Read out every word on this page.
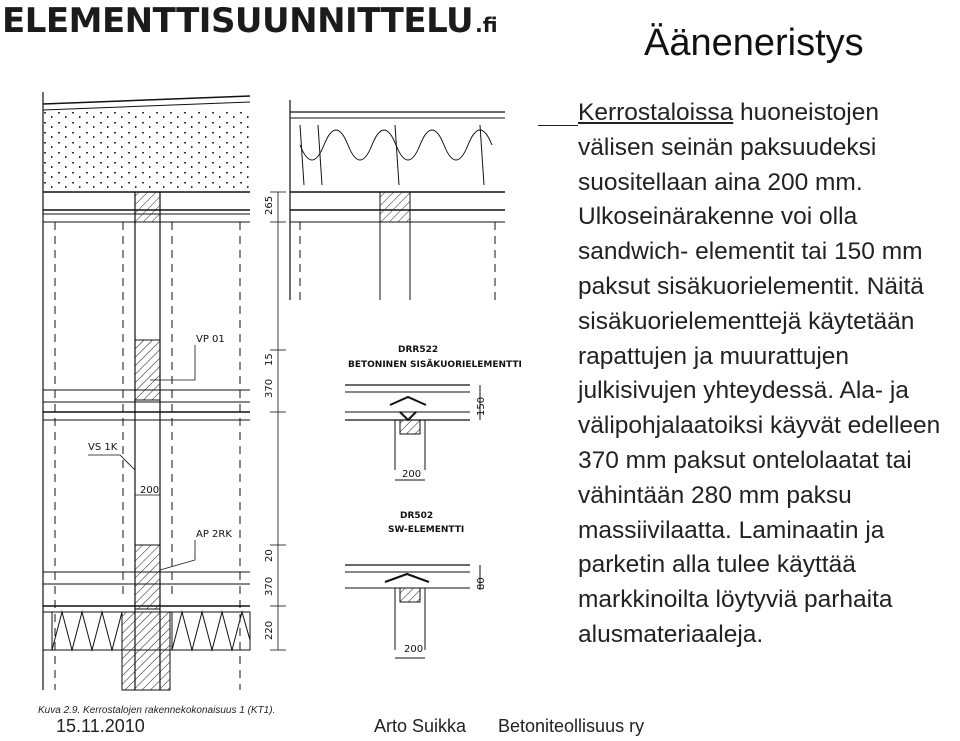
ELEMENTTISUUNNITTELU .fi	Ääneneristys
Kerrostaloissa huoneistojen välisen seinän paksuudeksi suositellaan aina 200 mm. Ulkoseinärakenne voi olla sandwich- elementit tai 150 mm paksut sisäkuorielementit. Näitä sisäkuorielementtejä käytetään rapattujen ja muurattujen julkisivujen yhteydessä. Ala- ja välipohjalaatoiksi käyvät edelleen 370 mm paksut ontelolaatat tai vähintään 280 mm paksu massiivilaatta. Laminaatin ja parketin alla tulee käyttää markkinoilta löytyviä parhaita alusmateriaaleja.
VP 01
VS 1K
AP 2RK
200
265
15
370
20
370
220
DRR522
BETONINEN SISÄKUORIELEMENTTI
150
200
DR502
SW-ELEMENTTI
80
200
Kuva 2.9. Kerrostalojen rakennekokonaisuus 1 (KT1).
15.11.2010	Arto Suikka Betoniteollisuus ry
